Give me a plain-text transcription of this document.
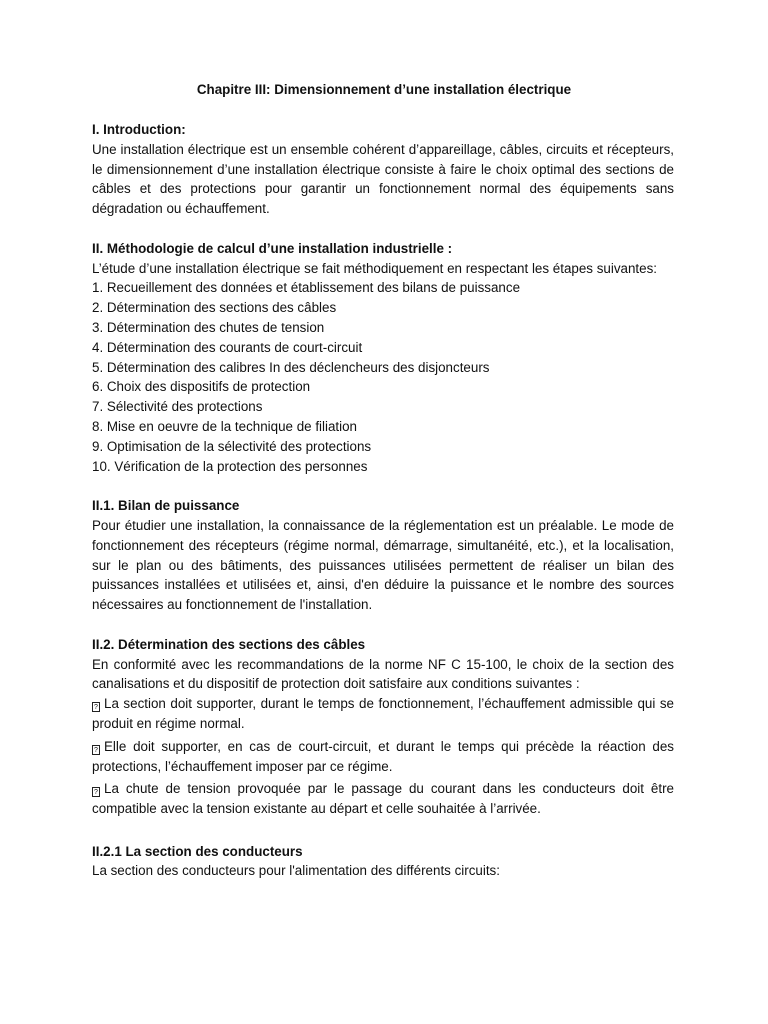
Chapitre III: Dimensionnement d’une installation électrique
I. Introduction:
Une installation électrique est un ensemble cohérent d’appareillage, câbles, circuits et récepteurs, le dimensionnement d’une installation électrique consiste à faire le choix optimal des sections de câbles et des protections pour garantir un fonctionnement normal des équipements sans dégradation ou échauffement.
II. Méthodologie de calcul d’une installation industrielle :
L’étude d’une installation électrique se fait méthodiquement en respectant les étapes suivantes:
1. Recueillement des données et établissement des bilans de puissance
2. Détermination des sections des câbles
3. Détermination des chutes de tension
4. Détermination des courants de court-circuit
5. Détermination des calibres In des déclencheurs des disjoncteurs
6. Choix des dispositifs de protection
7. Sélectivité des protections
8. Mise en oeuvre de la technique de filiation
9. Optimisation de la sélectivité des protections
10. Vérification de la protection des personnes
II.1. Bilan de puissance
Pour étudier une installation, la connaissance de la réglementation est un préalable. Le mode de fonctionnement des récepteurs (régime normal, démarrage, simultanéité, etc.), et la localisation, sur le plan ou des bâtiments, des puissances utilisées permettent de réaliser un bilan des puissances installées et utilisées et, ainsi, d'en déduire la puissance et le nombre des sources nécessaires au fonctionnement de l'installation.
II.2. Détermination des sections des câbles
En conformité avec les recommandations de la norme NF C 15-100, le choix de la section des canalisations et du dispositif de protection doit satisfaire aux conditions suivantes :
? La section doit supporter, durant le temps de fonctionnement, l’échauffement admissible qui se produit en régime normal.
? Elle doit supporter, en cas de court-circuit, et durant le temps qui précède la réaction des protections, l’échauffement imposer par ce régime.
? La chute de tension provoquée par le passage du courant dans les conducteurs doit être compatible avec la tension existante au départ et celle souhaitée à l’arrivée.
II.2.1 La section des conducteurs
La section des conducteurs pour l'alimentation des différents circuits:
